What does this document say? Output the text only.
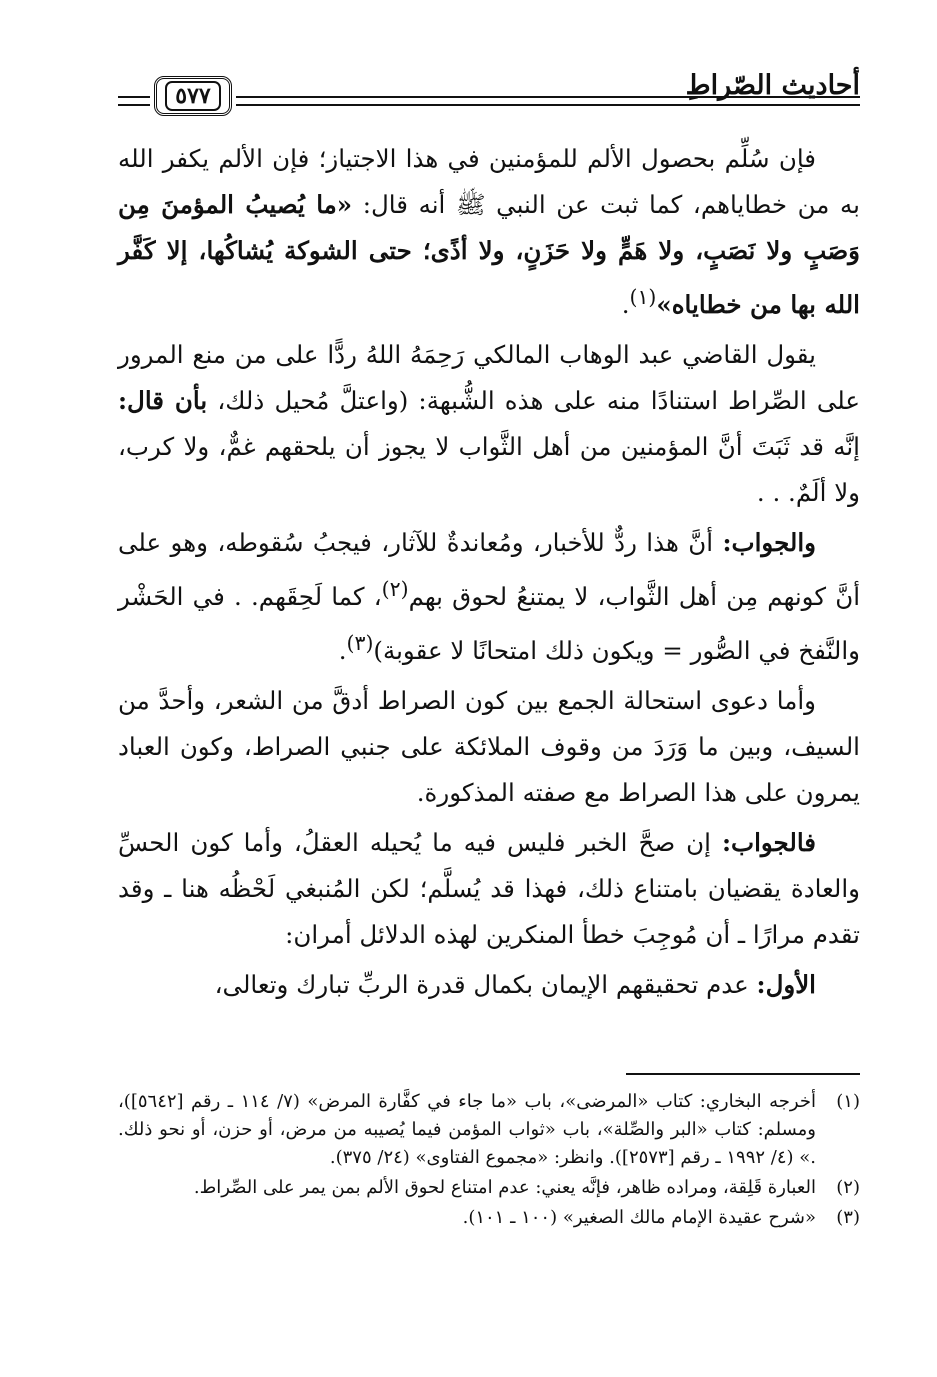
أحاديث الصّراطِ
٥٧٧

فإن سُلِّم بحصول الألم للمؤمنين في هذا الاجتياز؛ فإن الألم يكفر الله به من خطاياهم، كما ثبت عن النبي ﷺ أنه قال: «ما يُصيبُ المؤمنَ مِن وَصَبٍ ولا نَصَبٍ، ولا هَمٍّ ولا حَزَنٍ، ولا أذًى؛ حتى الشوكة يُشاكُها، إلا كَفَّر الله بها من خطاياه»$^{(١)}$.

يقول القاضي عبد الوهاب المالكي رَحِمَهُ اللهُ ردًّا على من منع المرور على الصِّراط استنادًا منه على هذه الشُّبهة: (واعتلَّ مُحيل ذلك، بأن قال: إنَّه قد ثَبَتَ أنَّ المؤمنين من أهل الثَّواب لا يجوز أن يلحقهم غمٌّ، ولا كرب، ولا ألَمٌ. . .

والجواب: أنَّ هذا ردٌّ للأخبار، ومُعاندةٌ للآثار، فيجبُ سُقوطه، وهو على أنَّ كونهم مِن أهل الثَّواب، لا يمتنعُ لحوق بهم$^{(٢)}$، كما لَحِقَهم. . في الحَشْر والنَّفخ في الصُّور = ويكون ذلك امتحانًا لا عقوبة)$^{(٣)}$.

وأما دعوى استحالة الجمع بين كون الصراط أدقَّ من الشعر، وأحدَّ من السيف، وبين ما وَرَدَ من وقوف الملائكة على جنبي الصراط، وكون العباد يمرون على هذا الصراط مع صفته المذكورة.

فالجواب: إن صحَّ الخبر فليس فيه ما يُحيله العقلُ، وأما كون الحسِّ والعادة يقضيان بامتناع ذلك، فهذا قد يُسلَّم؛ لكن المُنبغي لَحْظُه هنا ـ وقد تقدم مرارًا ـ أن مُوجِبَ خطأ المنكرين لهذه الدلائل أمران:

الأول: عدم تحقيقهم الإيمان بكمال قدرة الربِّ تبارك وتعالى،

(١)
أخرجه البخاري: كتاب «المرضى»، باب «ما جاء في كفَّارة المرض» (٧/ ١١٤ ـ رقم [٥٦٤٢])، ومسلم: كتاب «البر والصِّلة»، باب «ثواب المؤمن فيما يُصيبه من مرض، أو حزن، أو نحو ذلك. .» (٤/ ١٩٩٢ ـ رقم [٢٥٧٣]). وانظر: «مجموع الفتاوى» (٢٤/ ٣٧٥).
(٢)
العبارة قَلِقة، ومراده ظاهر، فإنَّه يعني: عدم امتناع لحوق الألم بمن يمر على الصِّراط.
(٣)
«شرح عقيدة الإمام مالك الصغير» (١٠٠ ـ ١٠١).
